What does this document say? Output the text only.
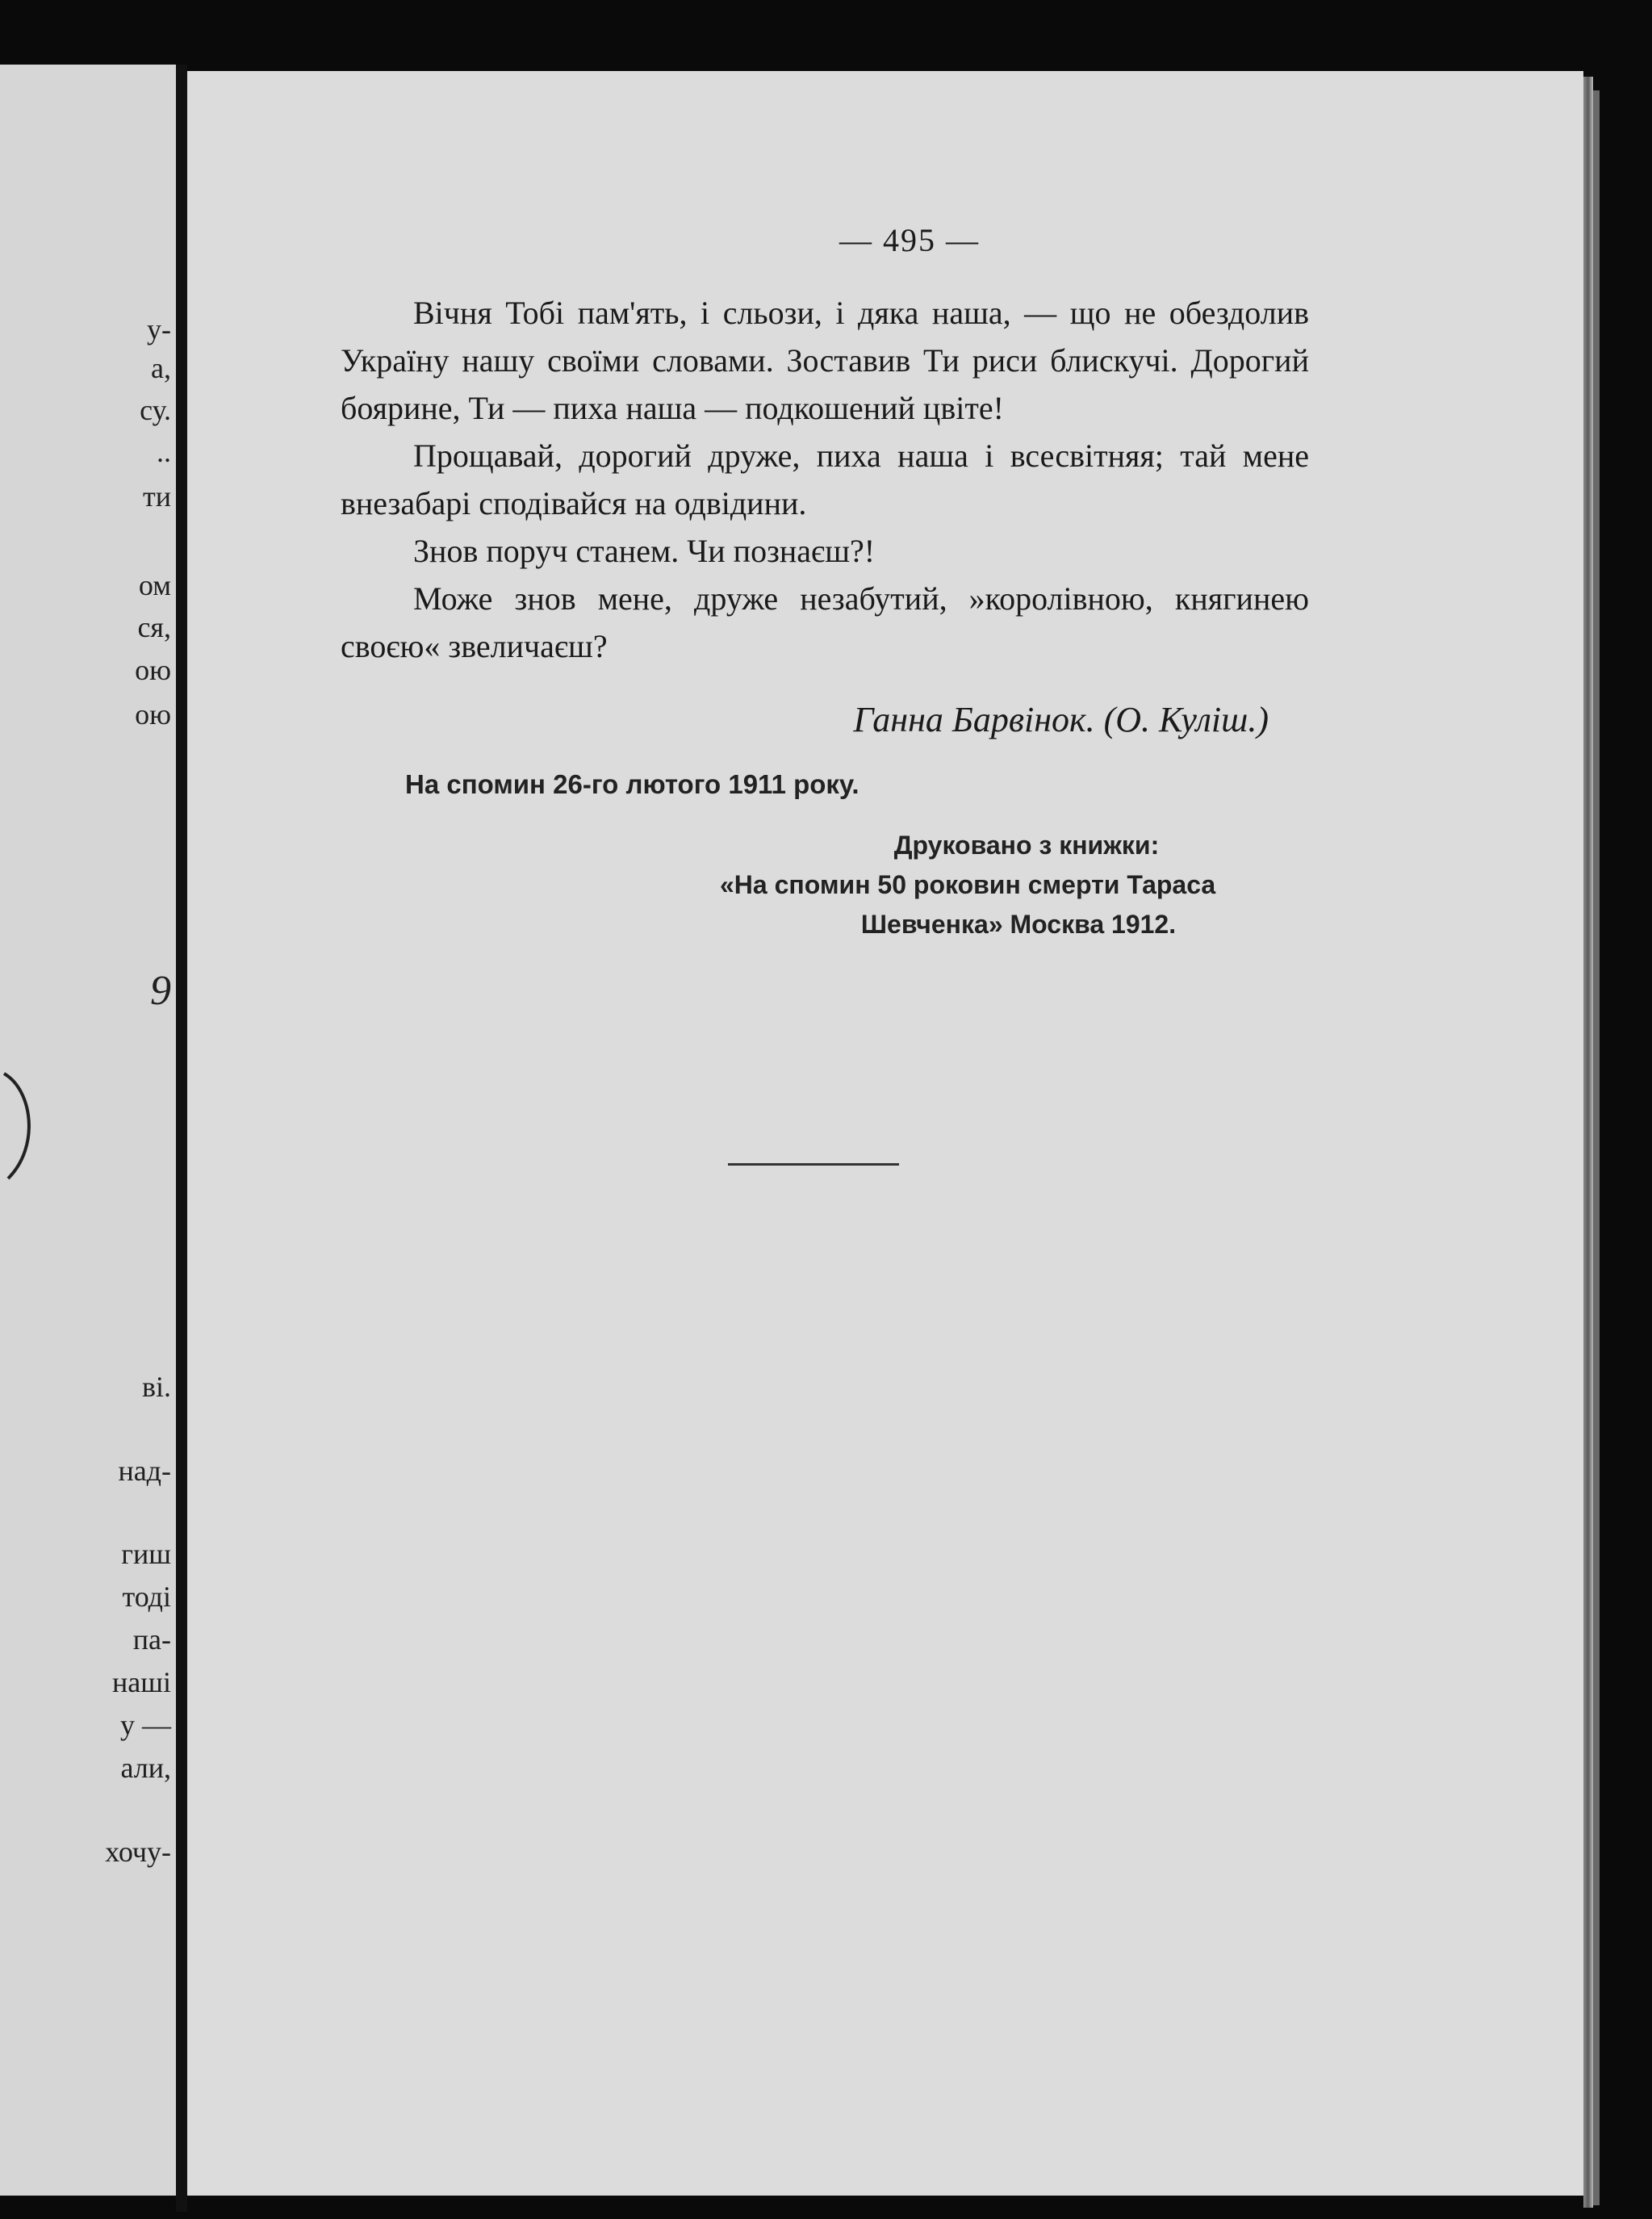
у-
а,
су.
..
ти
ом
ся,
ою
ою
9
ві.
над-
гиш
тоді
па-
наші
у —
али,
хочу-
— 495 —

Вічня Тобі пам'ять, і сльози, і дяка наша, — що не обездолив Україну нашу своїми словами. Зоставив Ти риси блискучі. Дорогий боярине, Ти — пиха наша — подкошений цвіте!

Прощавай, дорогий друже, пиха наша і всесвітняя; тай мене внезабарі сподівайся на одвідини.

Знов поруч станем. Чи познаєш?!

Може знов мене, друже незабутий, »королівною, княгинею своєю« звеличаєш?

Ганна Барвінок. (О. Куліш.)
На спомин 26-го лютого 1911 року.
Друковано з книжки:
«На спомин 50 роковин смерти Тараса
Шевченка» Москва 1912.
